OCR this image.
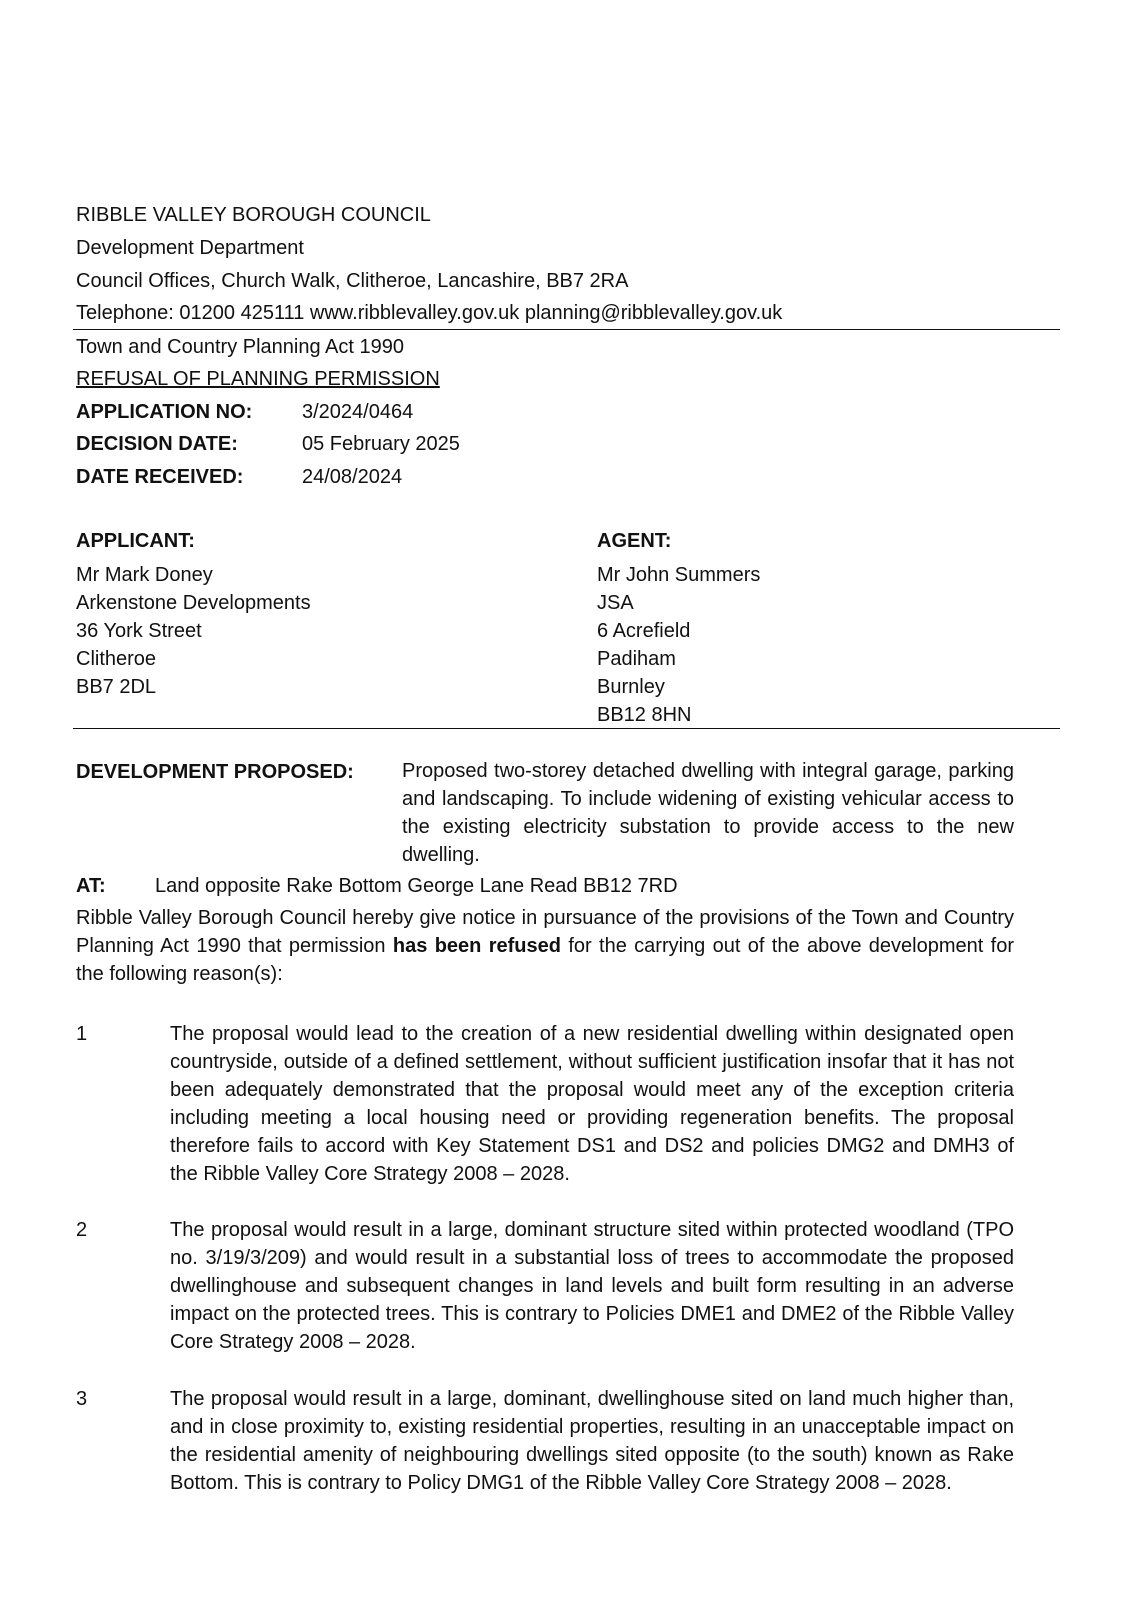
RIBBLE VALLEY BOROUGH COUNCIL
Development Department
Council Offices, Church Walk, Clitheroe, Lancashire, BB7 2RA
Telephone: 01200 425111 www.ribblevalley.gov.uk planning@ribblevalley.gov.uk
Town and Country Planning Act 1990
REFUSAL OF PLANNING PERMISSION
APPLICATION NO: 3/2024/0464
DECISION DATE:	05 February 2025
DATE RECEIVED:	24/08/2024
APPLICANT:
Mr Mark Doney
Arkenstone Developments
36 York Street
Clitheroe
BB7 2DL
AGENT:
Mr John Summers
JSA
6 Acrefield
Padiham
Burnley
BB12 8HN
DEVELOPMENT PROPOSED: Proposed two-storey detached dwelling with integral garage, parking and landscaping. To include widening of existing vehicular access to the existing electricity substation to provide access to the new dwelling.
AT: Land opposite Rake Bottom George Lane Read BB12 7RD
Ribble Valley Borough Council hereby give notice in pursuance of the provisions of the Town and Country Planning Act 1990 that permission has been refused for the carrying out of the above development for the following reason(s):
1	The proposal would lead to the creation of a new residential dwelling within designated open countryside, outside of a defined settlement, without sufficient justification insofar that it has not been adequately demonstrated that the proposal would meet any of the exception criteria including meeting a local housing need or providing regeneration benefits. The proposal therefore fails to accord with Key Statement DS1 and DS2 and policies DMG2 and DMH3 of the Ribble Valley Core Strategy 2008 – 2028.
2	The proposal would result in a large, dominant structure sited within protected woodland (TPO no. 3/19/3/209) and would result in a substantial loss of trees to accommodate the proposed dwellinghouse and subsequent changes in land levels and built form resulting in an adverse impact on the protected trees. This is contrary to Policies DME1 and DME2 of the Ribble Valley Core Strategy 2008 – 2028.
3	The proposal would result in a large, dominant, dwellinghouse sited on land much higher than, and in close proximity to, existing residential properties, resulting in an unacceptable impact on the residential amenity of neighbouring dwellings sited opposite (to the south) known as Rake Bottom. This is contrary to Policy DMG1 of the Ribble Valley Core Strategy 2008 – 2028.
